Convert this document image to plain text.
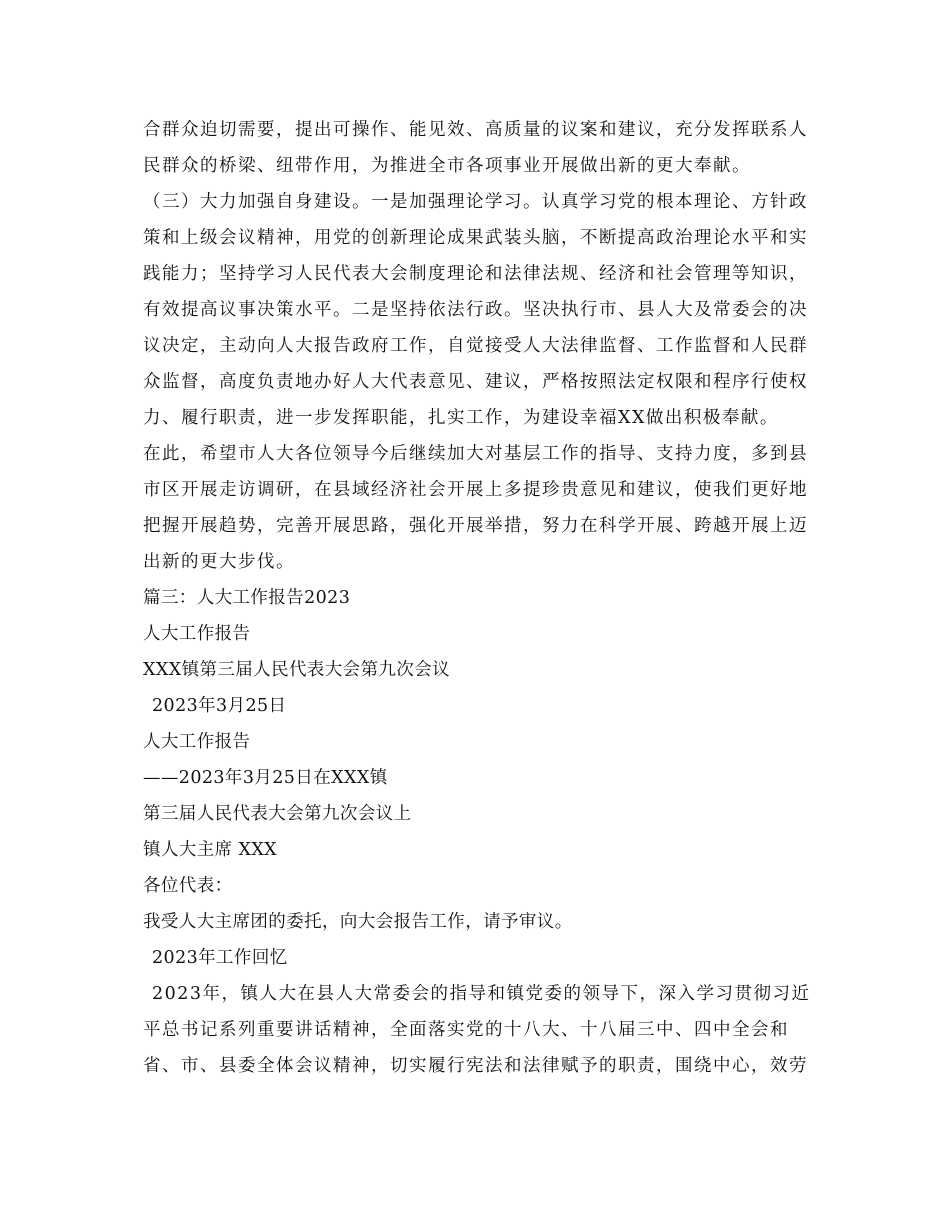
合群众迫切需要，提出可操作、能见效、高质量的议案和建议，充分发挥联系人
民群众的桥梁、纽带作用，为推进全市各项事业开展做出新的更大奉献。
（三）大力加强自身建设。一是加强理论学习。认真学习党的根本理论、方针政
策和上级会议精神，用党的创新理论成果武装头脑，不断提高政治理论水平和实
践能力；坚持学习人民代表大会制度理论和法律法规、经济和社会管理等知识，
有效提高议事决策水平。二是坚持依法行政。坚决执行市、县人大及常委会的决
议决定，主动向人大报告政府工作，自觉接受人大法律监督、工作监督和人民群
众监督，高度负责地办好人大代表意见、建议，严格按照法定权限和程序行使权
力、履行职责，进一步发挥职能，扎实工作，为建设幸福XX做出积极奉献。
在此，希望市人大各位领导今后继续加大对基层工作的指导、支持力度，多到县
市区开展走访调研，在县域经济社会开展上多提珍贵意见和建议，使我们更好地
把握开展趋势，完善开展思路，强化开展举措，努力在科学开展、跨越开展上迈
出新的更大步伐。
篇三：人大工作报告2023
人大工作报告
XXX镇第三届人民代表大会第九次会议
2023年3月25日
人大工作报告
——2023年3月25日在XXX镇
第三届人民代表大会第九次会议上
镇人大主席 XXX
各位代表：
我受人大主席团的委托，向大会报告工作，请予审议。
2023年工作回忆
2023年，镇人大在县人大常委会的指导和镇党委的领导下，深入学习贯彻习近
平总书记系列重要讲话精神，全面落实党的十八大、十八届三中、四中全会和
省、市、县委全体会议精神，切实履行宪法和法律赋予的职责，围绕中心，效劳
